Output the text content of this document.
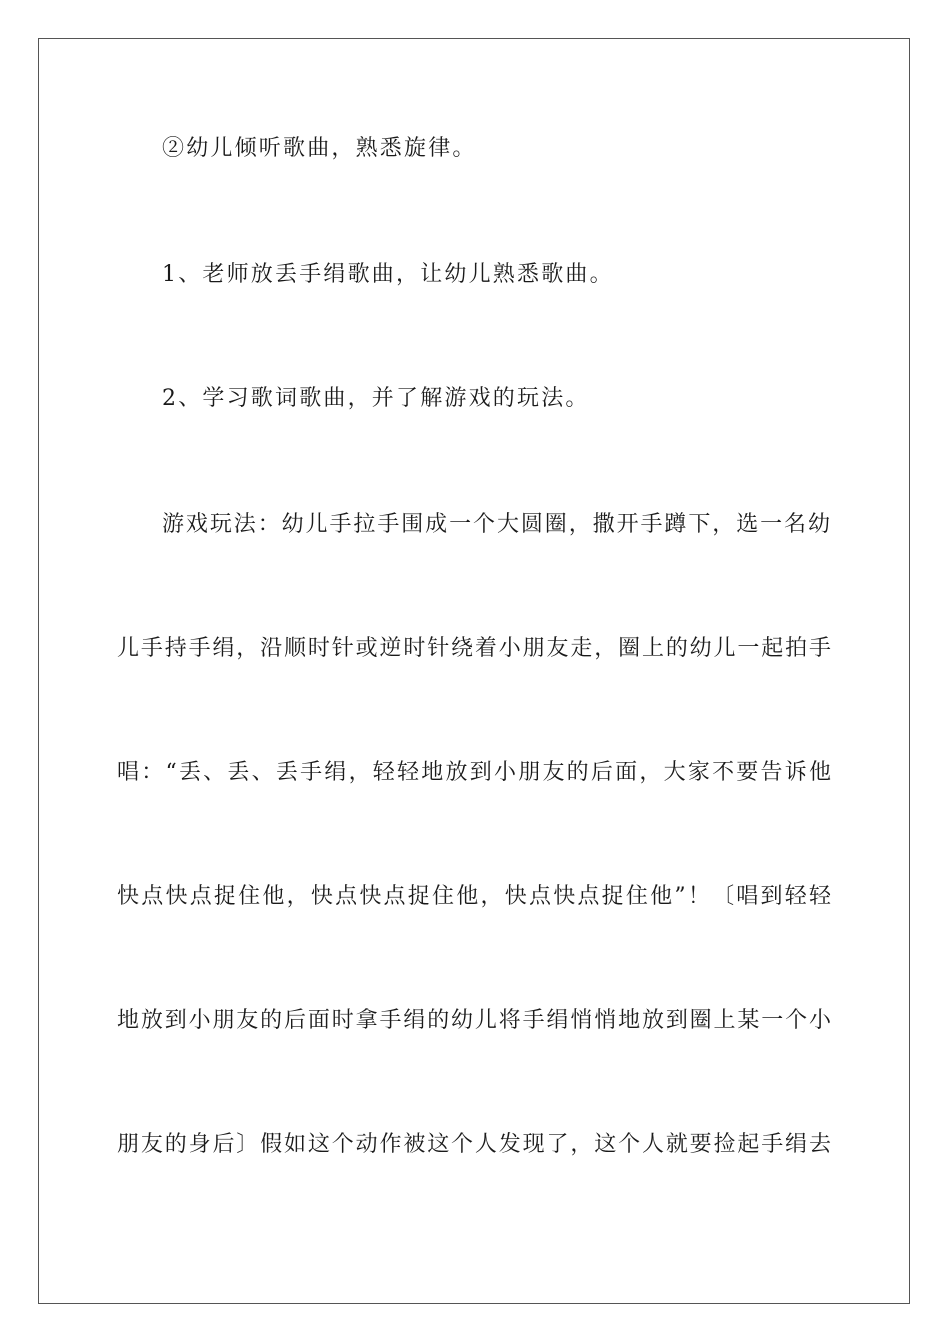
②幼儿倾听歌曲，熟悉旋律。
1、老师放丢手绢歌曲，让幼儿熟悉歌曲。
2、学习歌词歌曲，并了解游戏的玩法。
游戏玩法：幼儿手拉手围成一个大圆圈，撒开手蹲下，选一名幼
儿手持手绢，沿顺时针或逆时针绕着小朋友走，圈上的幼儿一起拍手
唱：“丢、丢、丢手绢，轻轻地放到小朋友的后面，大家不要告诉他
快点快点捉住他，快点快点捉住他，快点快点捉住他”！〔唱到轻轻
地放到小朋友的后面时拿手绢的幼儿将手绢悄悄地放到圈上某一个小
朋友的身后〕假如这个动作被这个人发现了，这个人就要捡起手绢去
